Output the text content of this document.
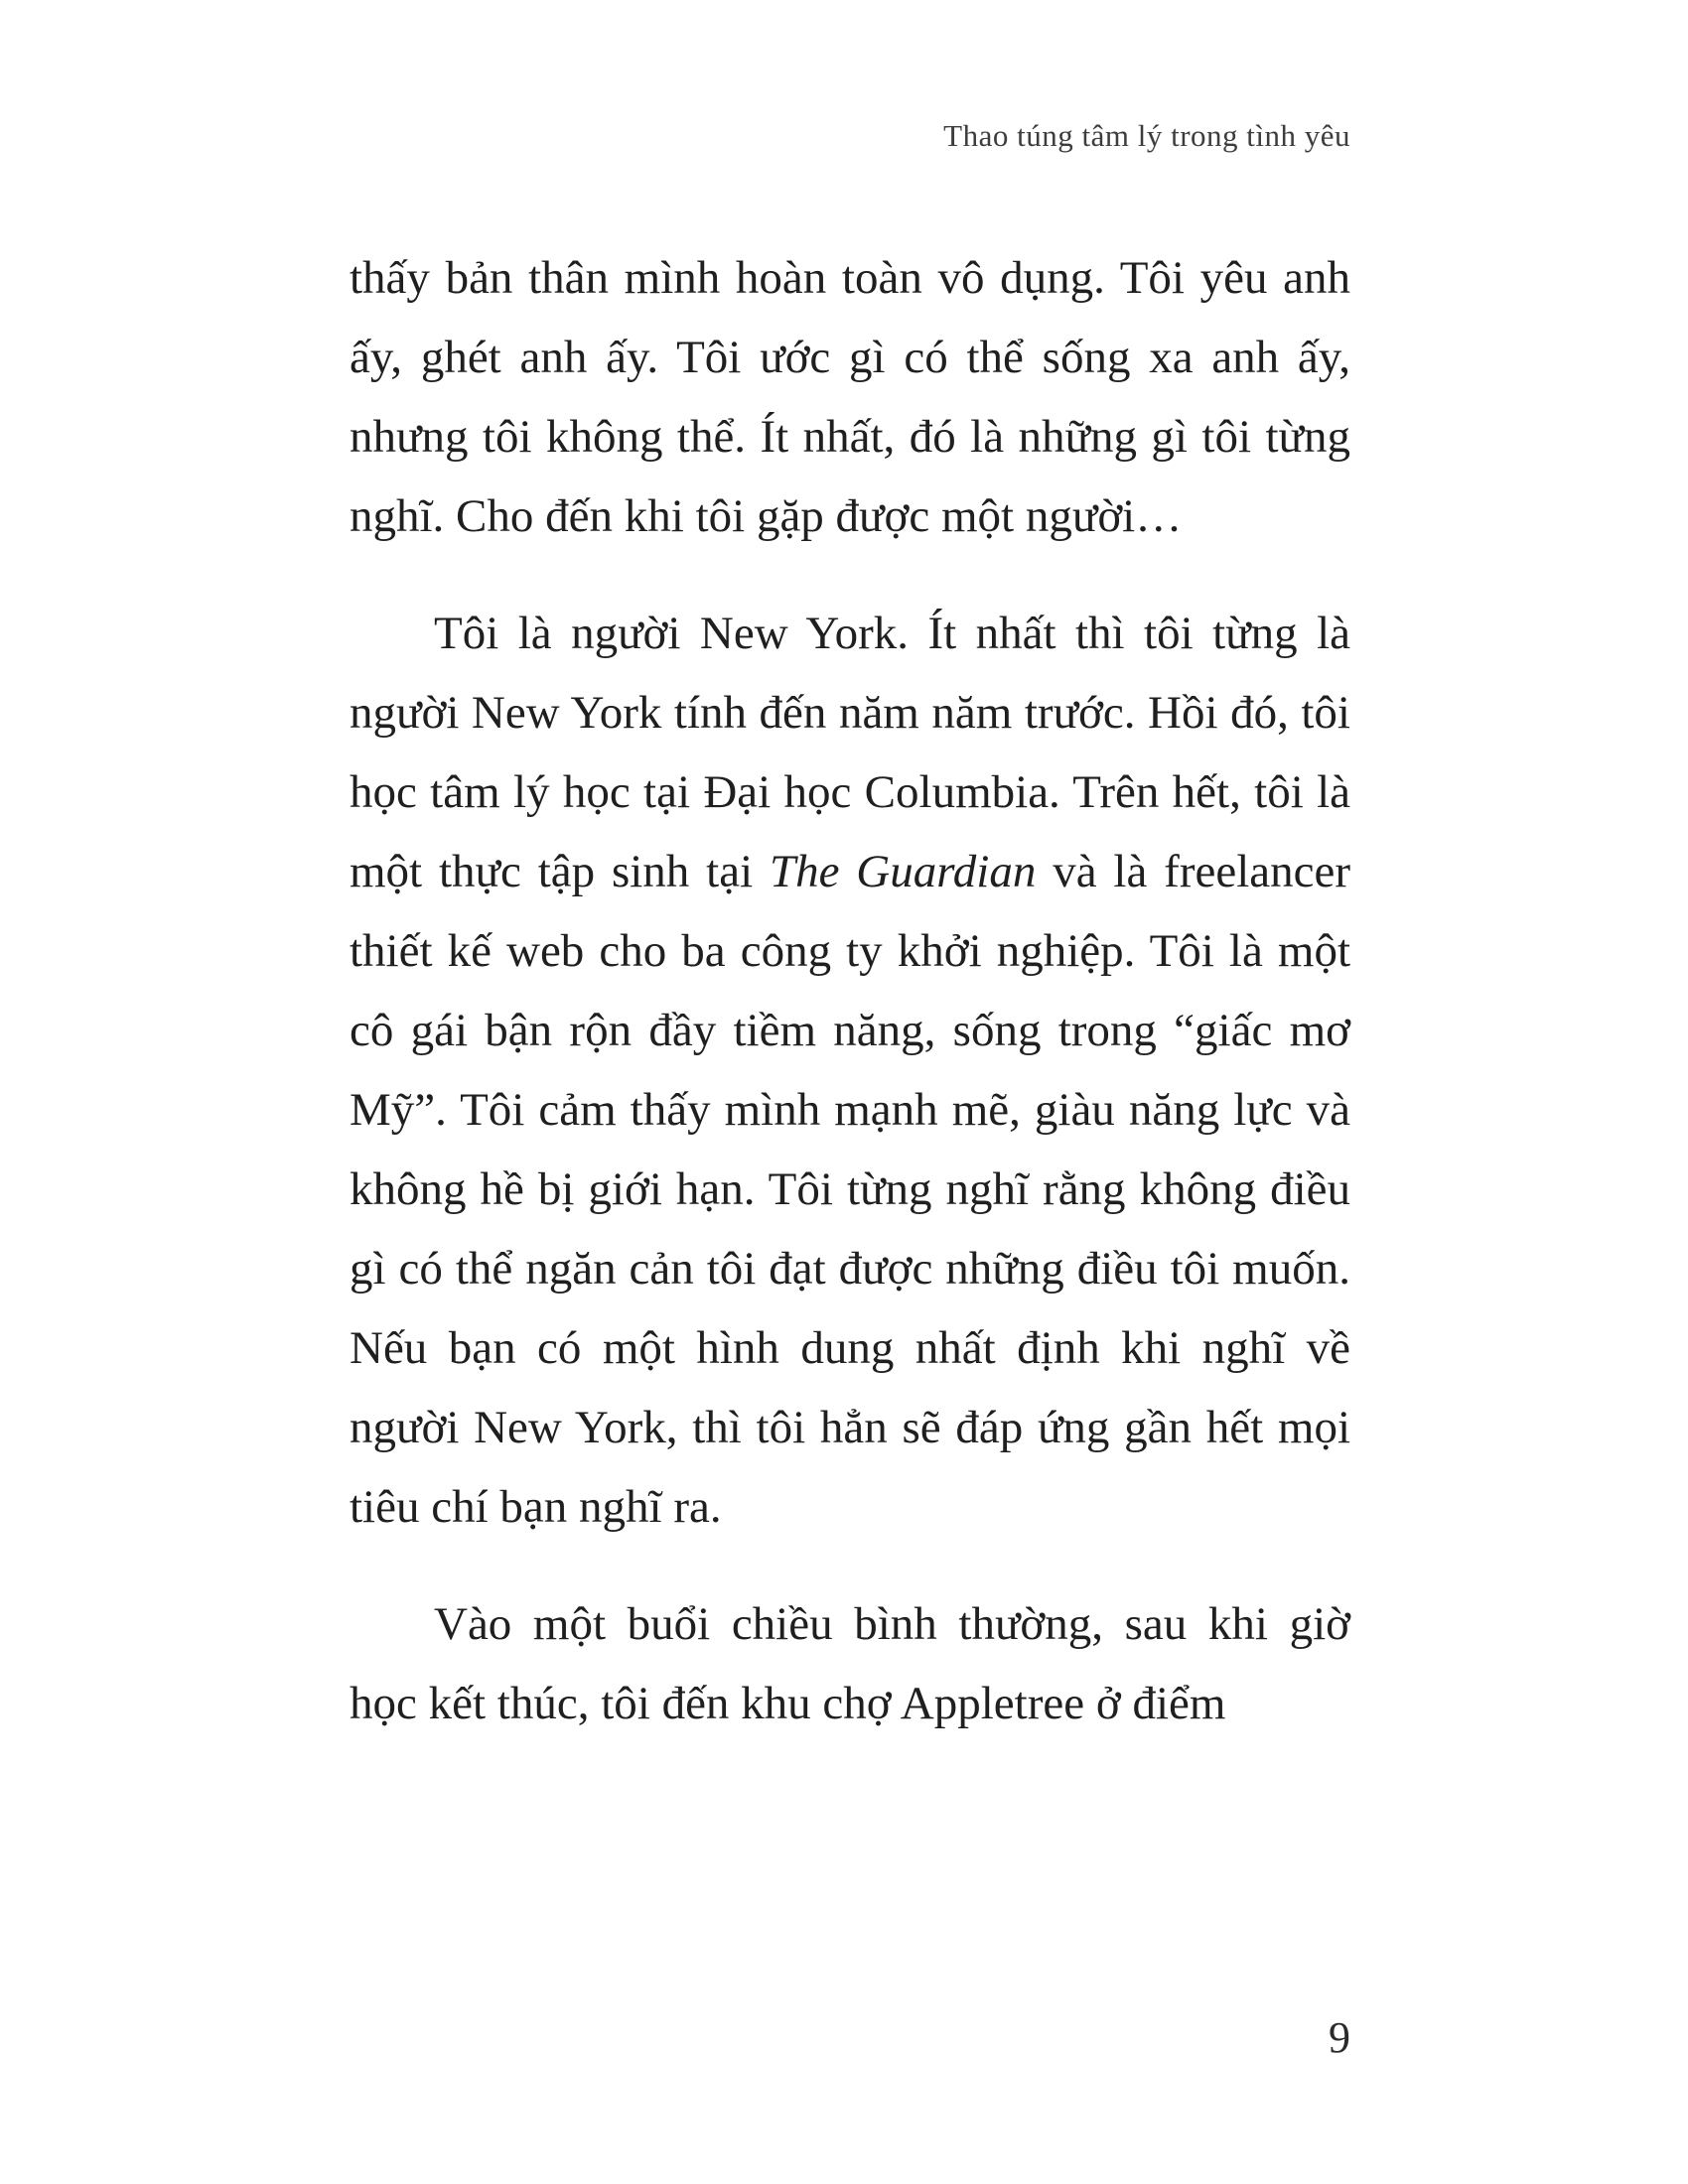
Thao túng tâm lý trong tình yêu

thấy bản thân mình hoàn toàn vô dụng. Tôi yêu anh ấy, ghét anh ấy. Tôi ước gì có thể sống xa anh ấy, nhưng tôi không thể. Ít nhất, đó là những gì tôi từng nghĩ. Cho đến khi tôi gặp được một người…

Tôi là người New York. Ít nhất thì tôi từng là người New York tính đến năm năm trước. Hồi đó, tôi học tâm lý học tại Đại học Columbia. Trên hết, tôi là một thực tập sinh tại The Guardian và là freelancer thiết kế web cho ba công ty khởi nghiệp. Tôi là một cô gái bận rộn đầy tiềm năng, sống trong “giấc mơ Mỹ”. Tôi cảm thấy mình mạnh mẽ, giàu năng lực và không hề bị giới hạn. Tôi từng nghĩ rằng không điều gì có thể ngăn cản tôi đạt được những điều tôi muốn. Nếu bạn có một hình dung nhất định khi nghĩ về người New York, thì tôi hẳn sẽ đáp ứng gần hết mọi tiêu chí bạn nghĩ ra.

Vào một buổi chiều bình thường, sau khi giờ học kết thúc, tôi đến khu chợ Appletree ở điểm

9
